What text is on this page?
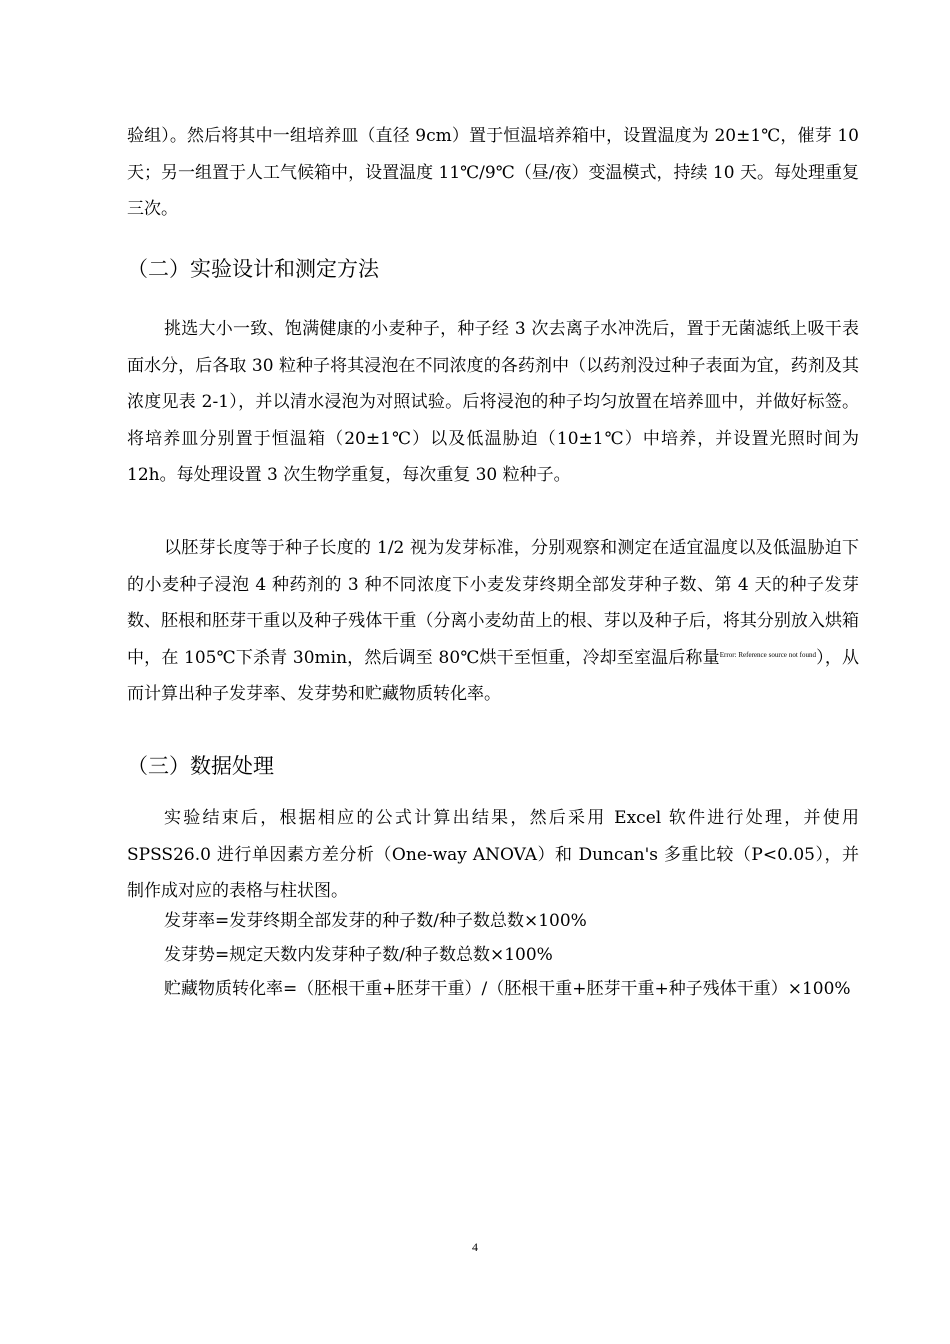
验组）。然后将其中一组培养皿（直径 9cm）置于恒温培养箱中，设置温度为 20±1℃，催芽 10 天；另一组置于人工气候箱中，设置温度 11℃/9℃（昼/夜）变温模式，持续 10 天。每处理重复三次。

（二）实验设计和测定方法

挑选大小一致、饱满健康的小麦种子，种子经 3 次去离子水冲洗后，置于无菌滤纸上吸干表面水分，后各取 30 粒种子将其浸泡在不同浓度的各药剂中（以药剂没过种子表面为宜，药剂及其浓度见表 2-1），并以清水浸泡为对照试验。后将浸泡的种子均匀放置在培养皿中，并做好标签。将培养皿分别置于恒温箱（20±1℃）以及低温胁迫（10±1℃）中培养，并设置光照时间为 12h。每处理设置 3 次生物学重复，每次重复 30 粒种子。

以胚芽长度等于种子长度的 1/2 视为发芽标准，分别观察和测定在适宜温度以及低温胁迫下的小麦种子浸泡 4 种药剂的 3 种不同浓度下小麦发芽终期全部发芽种子数、第 4 天的种子发芽数、胚根和胚芽干重以及种子残体干重（分离小麦幼苗上的根、芽以及种子后，将其分别放入烘箱中，在 105℃下杀青 30min，然后调至 80℃烘干至恒重，冷却至室温后称量$^{Error: Reference source not found}$），从而计算出种子发芽率、发芽势和贮藏物质转化率。

（三）数据处理

实验结束后，根据相应的公式计算出结果，然后采用 Excel 软件进行处理，并使用 SPSS26.0 进行单因素方差分析（One-way ANOVA）和 Duncan's 多重比较（P<0.05），并制作成对应的表格与柱状图。

发芽率=发芽终期全部发芽的种子数/种子数总数×100%

发芽势=规定天数内发芽种子数/种子数总数×100%

贮藏物质转化率=（胚根干重+胚芽干重）/（胚根干重+胚芽干重+种子残体干重）×100%

4
